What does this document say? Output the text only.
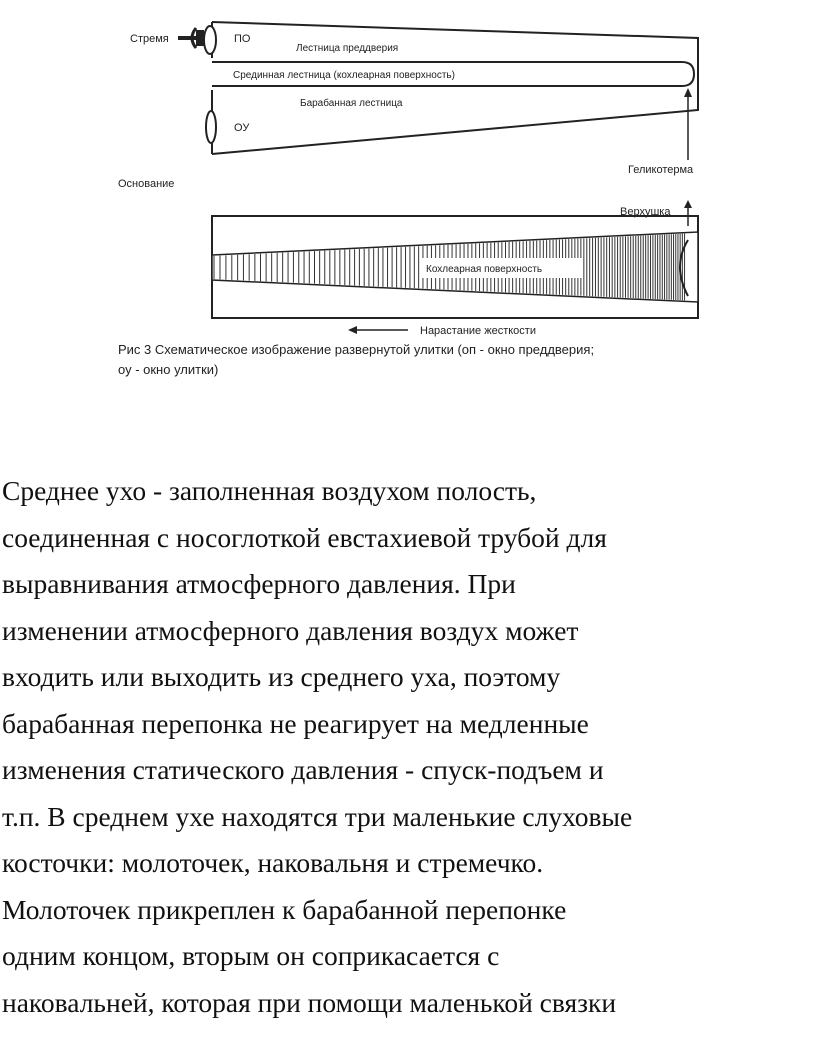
Стремя	ПО
Лестница преддверия
Срединная лестница (кохлеарная поверхность)
Барабанная лестница
ОУ
Основание
Геликотерма
Верхушка
Кохлеарная поверхность
Нарастание жесткости
Рис 3 Схематическое изображение развернутой улитки (оп - окно преддверия;
оу - окно улитки)

Среднее ухо - заполненная воздухом полость,
соединенная с носоглоткой евстахиевой трубой для
выравнивания атмосферного давления. При
изменении атмосферного давления воздух может
входить или выходить из среднего уха, поэтому
барабанная перепонка не реагирует на медленные
изменения статического давления - спуск-подъем и
т.п. В среднем ухе находятся три маленькие слуховые
косточки: молоточек, наковальня и стремечко.
Молоточек прикреплен к барабанной перепонке
одним концом, вторым он соприкасается с
наковальней, которая при помощи маленькой связки
